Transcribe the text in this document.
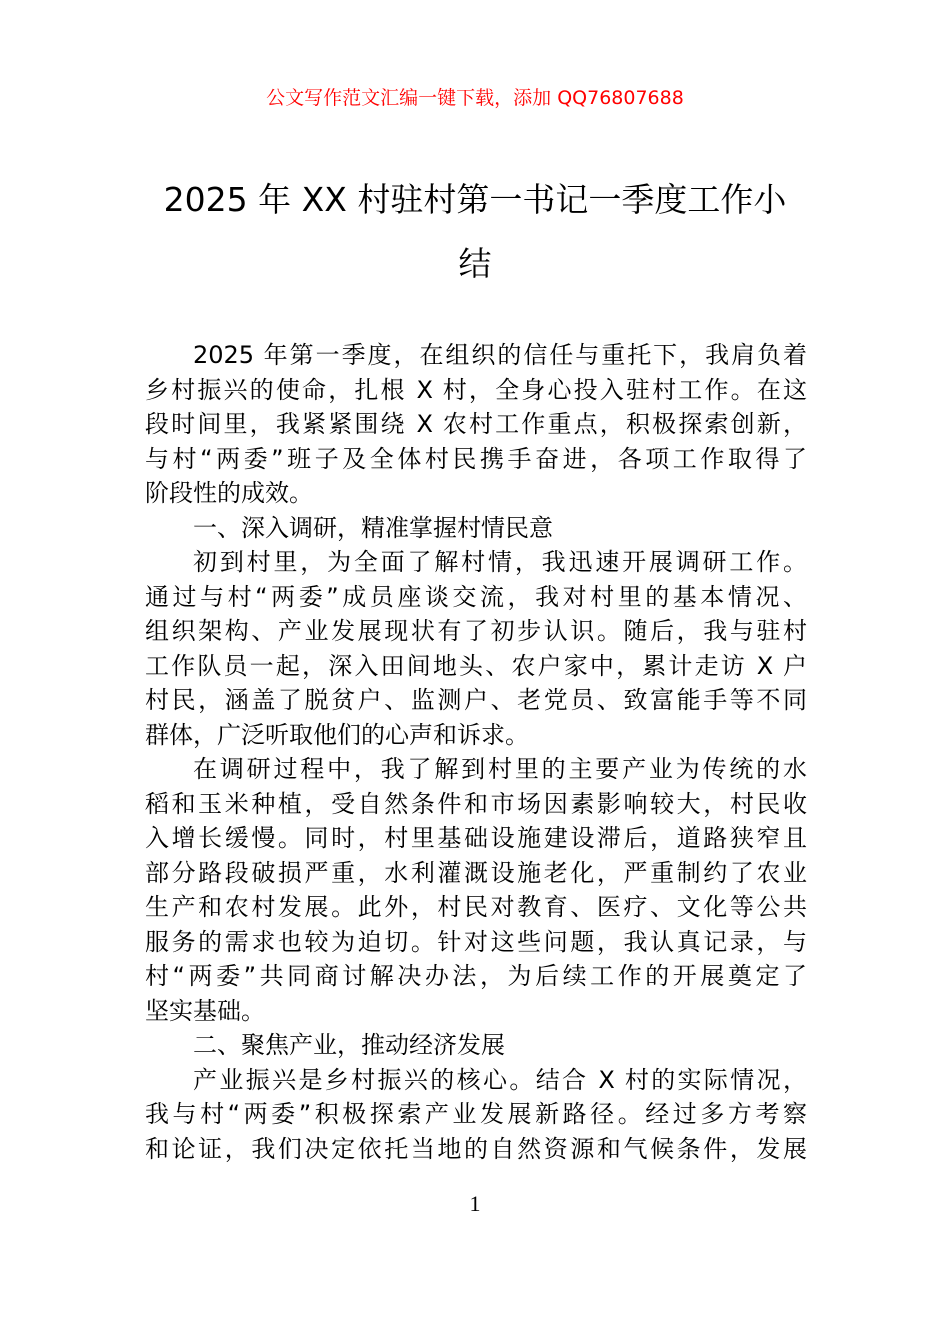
公文写作范文汇编一键下载，添加 QQ76807688
2025 年 XX 村驻村第一书记一季度工作小
结

2025 年第一季度，在组织的信任与重托下，我肩负着
乡村振兴的使命，扎根 X 村，全身心投入驻村工作。在这
段时间里，我紧紧围绕 X 农村工作重点，积极探索创新，
与村“两委”班子及全体村民携手奋进，各项工作取得了
阶段性的成效。

一、深入调研，精准掌握村情民意

初到村里，为全面了解村情，我迅速开展调研工作。
通过与村“两委”成员座谈交流，我对村里的基本情况、
组织架构、产业发展现状有了初步认识。随后，我与驻村
工作队员一起，深入田间地头、农户家中，累计走访 X 户
村民，涵盖了脱贫户、监测户、老党员、致富能手等不同
群体，广泛听取他们的心声和诉求。

在调研过程中，我了解到村里的主要产业为传统的水
稻和玉米种植，受自然条件和市场因素影响较大，村民收
入增长缓慢。同时，村里基础设施建设滞后，道路狭窄且
部分路段破损严重，水利灌溉设施老化，严重制约了农业
生产和农村发展。此外，村民对教育、医疗、文化等公共
服务的需求也较为迫切。针对这些问题，我认真记录，与
村“两委”共同商讨解决办法，为后续工作的开展奠定了
坚实基础。

二、聚焦产业，推动经济发展

产业振兴是乡村振兴的核心。结合 X 村的实际情况，
我与村“两委”积极探索产业发展新路径。经过多方考察
和论证，我们决定依托当地的自然资源和气候条件，发展

1
